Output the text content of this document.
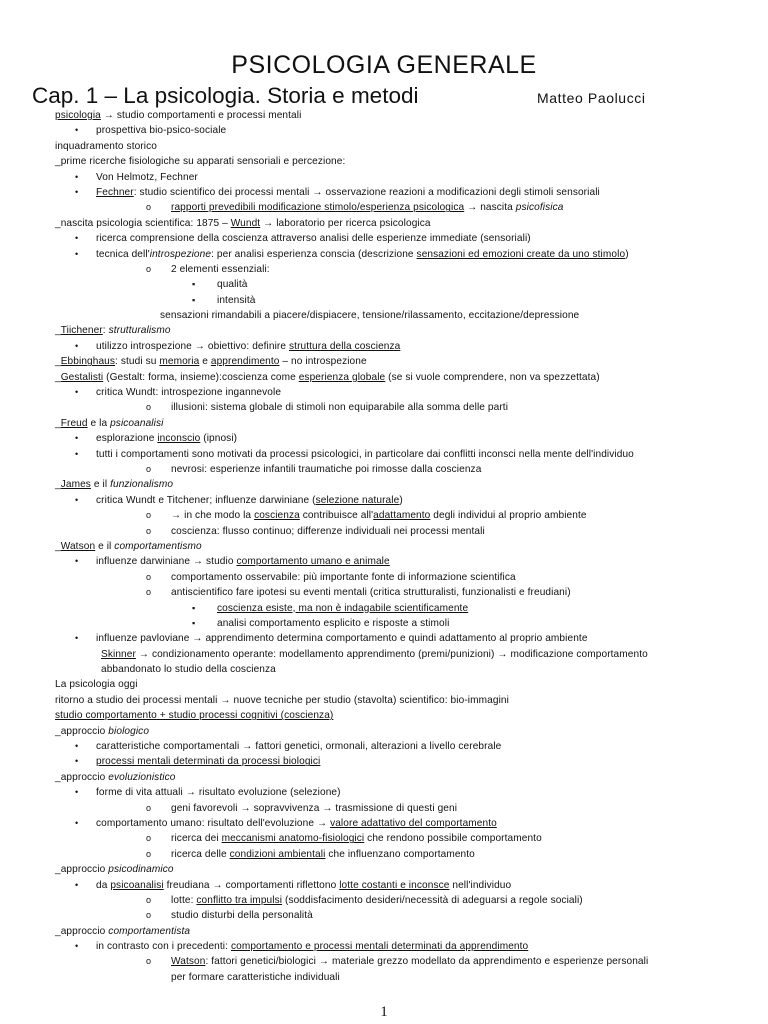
PSICOLOGIA GENERALE
Cap. 1 – La psicologia. Storia e metodi	Matteo Paolucci
psicologia → studio comportamenti e processi mentali
• prospettiva bio-psico-sociale
inquadramento storico
_prime ricerche fisiologiche su apparati sensoriali e percezione:
• Von Helmotz, Fechner
• Fechner: studio scientifico dei processi mentali → osservazione reazioni a modificazioni degli stimoli sensoriali
o rapporti prevedibili modificazione stimolo/esperienza psicologica → nascita psicofisica
_nascita psicologia scientifica: 1875 – Wundt → laboratorio per ricerca psicologica
• ricerca comprensione della coscienza attraverso analisi delle esperienze immediate (sensoriali)
• tecnica dell'introspezione: per analisi esperienza conscia (descrizione sensazioni ed emozioni create da uno stimolo)
o 2 elementi essenziali:
▪ qualità
▪ intensità
sensazioni rimandabili a piacere/dispiacere, tensione/rilassamento, eccitazione/depressione
_Tiichener: strutturalismo
• utilizzo introspezione → obiettivo: definire struttura della coscienza
_Ebbinghaus: studi su memoria e apprendimento – no introspezione
_Gestalisti (Gestalt: forma, insieme):coscienza come esperienza globale (se si vuole comprendere, non va spezzettata)
• critica Wundt: introspezione ingannevole
o illusioni: sistema globale di stimoli non equiparabile alla somma delle parti
_Freud e la psicoanalisi
• esplorazione inconscio (ipnosi)
• tutti i comportamenti sono motivati da processi psicologici, in particolare dai conflitti inconsci nella mente dell'individuo
o nevrosi: esperienze infantili traumatiche poi rimosse dalla coscienza
_James e il funzionalismo
• critica Wundt e Titchener; influenze darwiniane (selezione naturale)
o → in che modo la coscienza contribuisce all'adattamento degli individui al proprio ambiente
o coscienza: flusso continuo; differenze individuali nei processi mentali
_Watson e il comportamentismo
• influenze darwiniane → studio comportamento umano e animale
o comportamento osservabile: più importante fonte di informazione scientifica
o antiscientifico fare ipotesi su eventi mentali (critica strutturalisti, funzionalisti e freudiani)
▪ coscienza esiste, ma non è indagabile scientificamente
▪ analisi comportamento esplicito e risposte a stimoli
• influenze pavloviane → apprendimento determina comportamento e quindi adattamento al proprio ambiente
Skinner → condizionamento operante: modellamento apprendimento (premi/punizioni) → modificazione comportamento
abbandonato lo studio della coscienza
La psicologia oggi
ritorno a studio dei processi mentali → nuove tecniche per studio (stavolta) scientifico: bio-immagini
studio comportamento + studio processi cognitivi (coscienza)
_approccio biologico
• caratteristiche comportamentali → fattori genetici, ormonali, alterazioni a livello cerebrale
• processi mentali determinati da processi biologici
_approccio evoluzionistico
• forme di vita attuali → risultato evoluzione (selezione)
o geni favorevoli → sopravvivenza → trasmissione di questi geni
• comportamento umano: risultato dell'evoluzione → valore adattativo del comportamento
o ricerca dei meccanismi anatomo-fisiologici che rendono possibile comportamento
o ricerca delle condizioni ambientali che influenzano comportamento
_approccio psicodinamico
• da psicoanalisi freudiana → comportamenti riflettono lotte costanti e inconsce nell'individuo
o lotte: conflitto tra impulsi (soddisfacimento desideri/necessità di adeguarsi a regole sociali)
o studio disturbi della personalità
_approccio comportamentista
• in contrasto con i precedenti: comportamento e processi mentali determinati da apprendimento
o Watson: fattori genetici/biologici → materiale grezzo modellato da apprendimento e esperienze personali
per formare caratteristiche individuali
1
